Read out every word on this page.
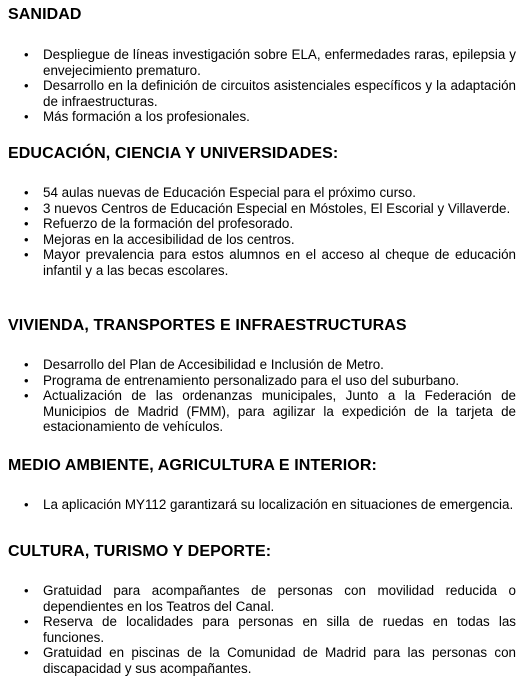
SANIDAD
•	Despliegue de líneas investigación sobre ELA, enfermedades raras, epilepsia y envejecimiento prematuro.
•	Desarrollo en la definición de circuitos asistenciales específicos y la adaptación de infraestructuras.
•	Más formación a los profesionales.
EDUCACIÓN, CIENCIA Y UNIVERSIDADES:
•	54 aulas nuevas de Educación Especial para el próximo curso.
•	3 nuevos Centros de Educación Especial en Móstoles, El Escorial y Villaverde.
•	Refuerzo de la formación del profesorado.
•	Mejoras en la accesibilidad de los centros.
•	Mayor prevalencia para estos alumnos en el acceso al cheque de educación infantil y a las becas escolares.
VIVIENDA, TRANSPORTES E INFRAESTRUCTURAS
•	Desarrollo del Plan de Accesibilidad e Inclusión de Metro.
•	Programa de entrenamiento personalizado para el uso del suburbano.
•	Actualización de las ordenanzas municipales, Junto a la Federación de Municipios de Madrid (FMM), para agilizar la expedición de la tarjeta de estacionamiento de vehículos.
MEDIO AMBIENTE, AGRICULTURA E INTERIOR:
•	La aplicación MY112 garantizará su localización en situaciones de emergencia.
CULTURA, TURISMO Y DEPORTE:
•	Gratuidad para acompañantes de personas con movilidad reducida o dependientes en los Teatros del Canal.
•	Reserva de localidades para personas en silla de ruedas en todas las funciones.
•	Gratuidad en piscinas de la Comunidad de Madrid para las personas con discapacidad y sus acompañantes.
